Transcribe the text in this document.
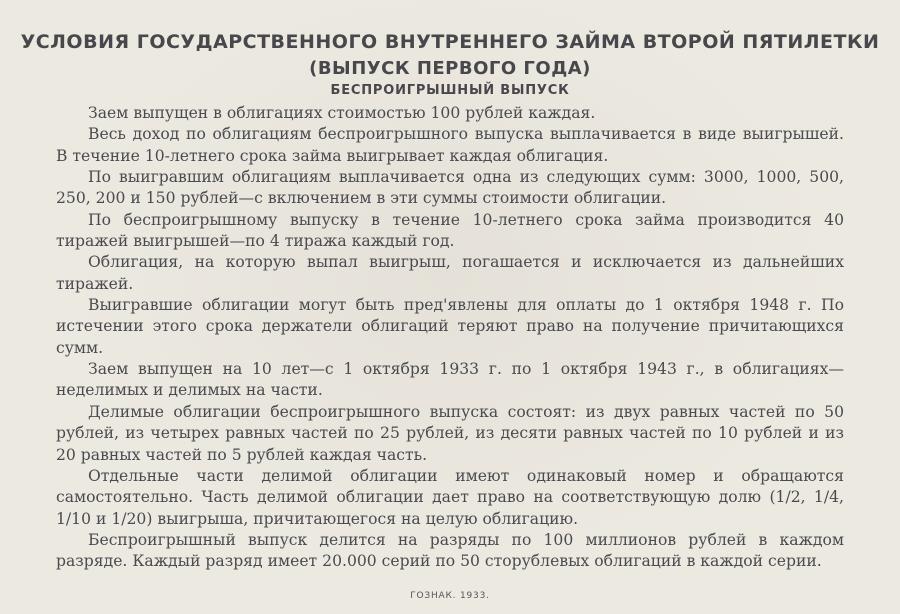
УСЛОВИЯ ГОСУДАРСТВЕННОГО ВНУТРЕННЕГО ЗАЙМА ВТОРОЙ ПЯТИЛЕТКИ
(ВЫПУСК ПЕРВОГО ГОДА)
БЕСПРОИГРЫШНЫЙ ВЫПУСК

Заем выпущен в облигациях стоимостью 100 рублей каждая.

Весь доход по облигациям беспроигрышного выпуска выплачивается в виде выигрышей. В течение 10-летнего срока займа выигрывает каждая облигация.

По выигравшим облигациям выплачивается одна из следующих сумм: 3000, 1000, 500, 250, 200 и 150 рублей—с включением в эти суммы стоимости облигации.

По беспроигрышному выпуску в течение 10-летнего срока займа производится 40 тиражей выигрышей—по 4 тиража каждый год.

Облигация, на которую выпал выигрыш, погашается и исключается из дальнейших тиражей.

Выигравшие облигации могут быть пред'явлены для оплаты до 1 октября 1948 г. По истечении этого срока держатели облигаций теряют право на получение причитающихся сумм.

Заем выпущен на 10 лет—с 1 октября 1933 г. по 1 октября 1943 г., в облигациях—неделимых и делимых на части.

Делимые облигации беспроигрышного выпуска состоят: из двух равных частей по 50 рублей, из четырех равных частей по 25 рублей, из десяти равных частей по 10 рублей и из 20 равных частей по 5 рублей каждая часть.

Отдельные части делимой облигации имеют одинаковый номер и обращаются самостоятельно. Часть делимой облигации дает право на соответствующую долю (1/2, 1/4, 1/10 и 1/20) выигрыша, причитающегося на целую облигацию.

Беспроигрышный выпуск делится на разряды по 100 миллионов рублей в каждом разряде. Каждый разряд имеет 20.000 серий по 50 сторублевых облигаций в каждой серии.

ГОЗНАК. 1933.
